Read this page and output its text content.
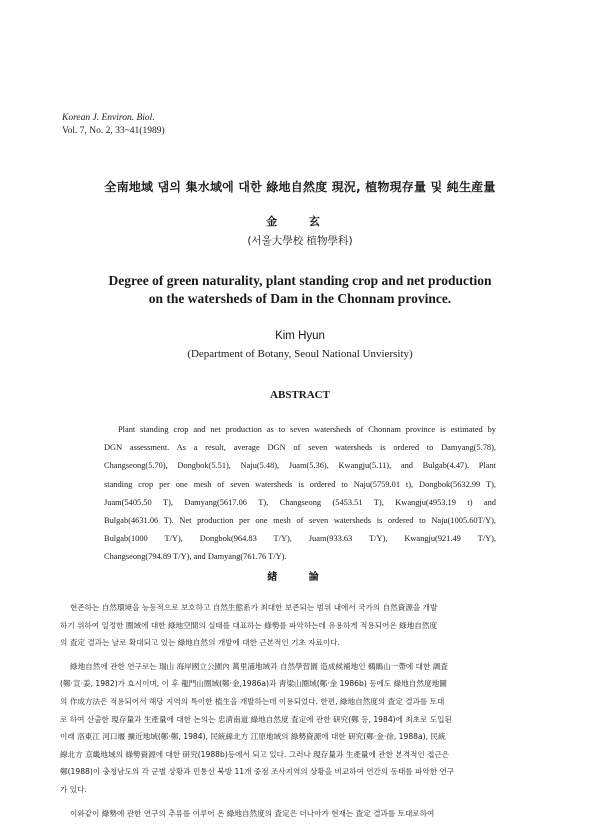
Korean J. Environ. Biol.
Vol. 7, No. 2, 33~41(1989)
全南地域 댐의 集水域에 대한 綠地自然度 現況, 植物現存量 및 純生産量
金 玄
(서울大學校 植物學科)
Degree of green naturality, plant standing crop and net production
on the watersheds of Dam in the Chonnam province.
Kim Hyun
(Department of Botany, Seoul National Unviersity)
ABSTRACT
Plant standing crop and net production as to seven watersheds of Chonnam province is estimated by
DGN assessment. As a result, average DGN of seven watersheds is ordered to Damyang(5.78),
Changseong(5.70), Dongbok(5.51), Naju(5.48), Juam(5.36), Kwangju(5.11), and Bulgab(4.47). Plant
standing crop per one mesh of seven watersheds is ordered to Naju(5759.01 t), Dongbok(5632.99 T),
Juam(5405.50 T), Damyang(5617.06 T), Changseong (5453.51 T), Kwangju(4953.19 t) and
Bulgab(4631.06 T). Net production per one mesh of seven watersheds is ordered to Naju(1005.60T/Y),
Bulgab(1000 T/Y), Dongbok(964.83 T/Y), Juam(933.63 T/Y), Kwangju(921.49 T/Y),
Changseong(794.89 T/Y), and Damyang(761.76 T/Y).
緖 論
현존하는 自然環境을 능동적으로 보호하고 自然生態系가 최대한 보존되는 범위 내에서 국가의 自然資源을 개발
하기 위하여 일정한 圈域에 대한 綠地空間의 실태를 대표하는 綠勢를 파악하는데 유용하게 적용되어온 綠地自然度
의 査定 결과는 날로 확대되고 있는 綠地自然의 개발에 대한 근본적인 기초 자료이다.
綠地自然에 관한 연구로는 瑞山 海岸國立公園內 萬里浦地域과 自然學習園 造成候補地인 鷄鵲山一帶에 대한 調査
(鄭·宣·姜, 1982)가 효시이며, 이 후 龍門山圈域(鄭·金,1986a)과 靑梁山圈域(鄭·金 1986b) 등에도 綠地自然度地圖
의 作成方法은 적용되어서 해당 지역의 특이한 植生을 개발하는데 이용되었다. 한편, 綠地自然度의 査定 결과를 토대
로 하여 산출한 現存量과 生產量에 대한 논의는 忠淸南道 綠地自然度 査定에 관한 研究(鄭 등, 1984)에 최초로 도입된
이래 洛東江 河口堰 擴近地域(鄭·鄭, 1984), 民統線北方 江原地域의 綠勢資源에 대한 研究(鄭·金·徐, 1988a), 民統
線北方 京畿地域의 綠勢資源에 대한 研究(1988b)등에서 되고 있다. 그러나 現存量과 生產量에 관한 본격적인 접근은
鄭(1988)이 충청남도의 각 군별 상황과 민통선 북방 11개 중점 조사지역의 상황을 비교하여 연간의 동태를 파악한 연구
가 있다.
이와같이 綠勢에 관한 연구의 추류를 이루어 온 綠地自然度의 査定은 더나아가 현재는 査定 결과를 토대로하여
